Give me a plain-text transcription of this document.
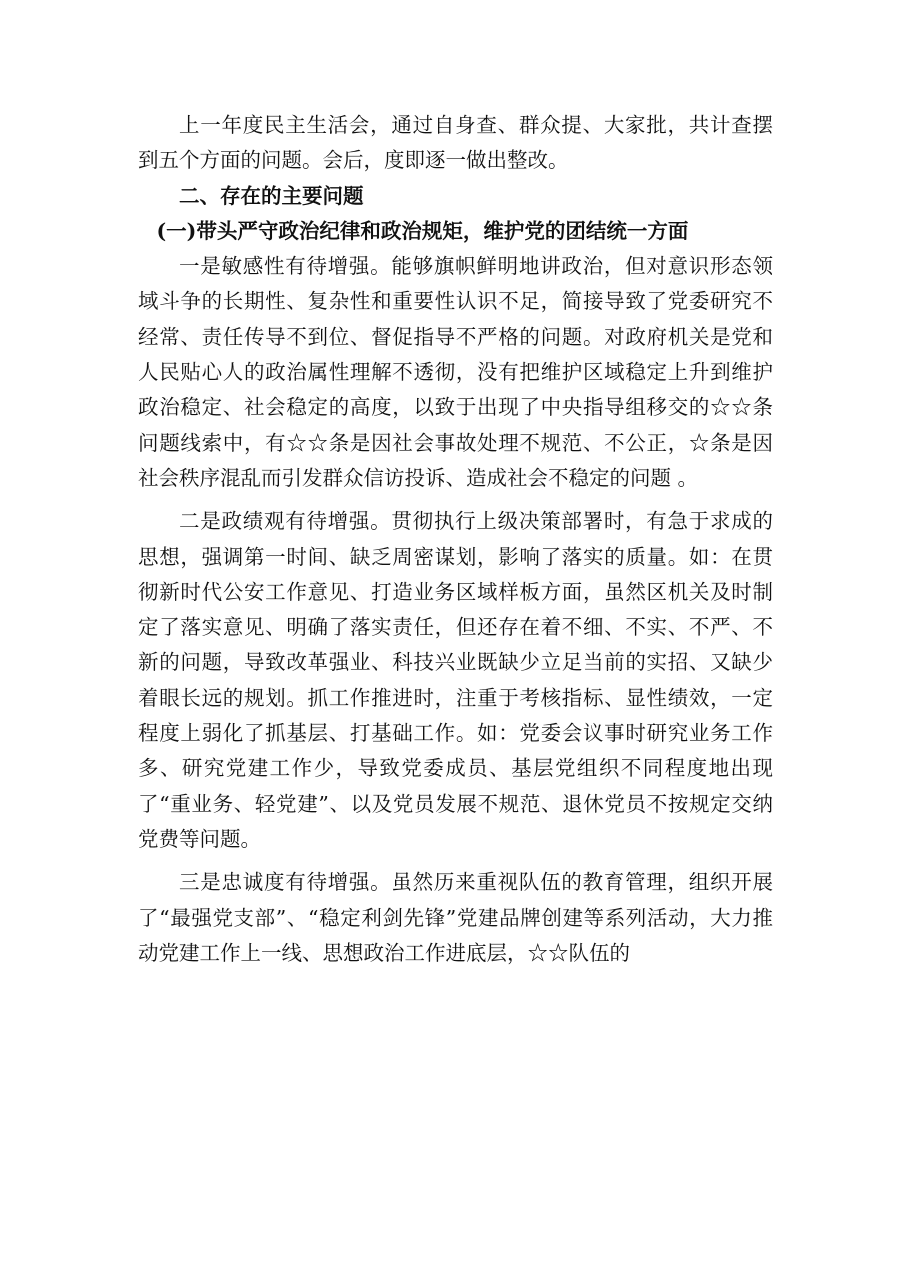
上一年度民主生活会，通过自身查、群众提、大家批，共计查摆到五个方面的问题。会后，度即逐一做出整改。

二、存在的主要问题

(一)带头严守政治纪律和政治规矩，维护党的团结统一方面

一是敏感性有待增强。能够旗帜鲜明地讲政治，但对意识形态领域斗争的长期性、复杂性和重要性认识不足，简接导致了党委研究不经常、责任传导不到位、督促指导不严格的问题。对政府机关是党和人民贴心人的政治属性理解不透彻，没有把维护区域稳定上升到维护政治稳定、社会稳定的高度，以致于出现了中央指导组移交的☆☆条问题线索中，有☆☆条是因社会事故处理不规范、不公正，☆条是因社会秩序混乱而引发群众信访投诉、造成社会不稳定的问题 。

二是政绩观有待增强。贯彻执行上级决策部署时，有急于求成的思想，强调第一时间、缺乏周密谋划，影响了落实的质量。如：在贯彻新时代公安工作意见、打造业务区域样板方面，虽然区机关及时制定了落实意见、明确了落实责任，但还存在着不细、不实、不严、不新的问题，导致改革强业、科技兴业既缺少立足当前的实招、又缺少着眼长远的规划。抓工作推进时，注重于考核指标、显性绩效，一定程度上弱化了抓基层、打基础工作。如：党委会议事时研究业务工作多、研究党建工作少，导致党委成员、基层党组织不同程度地出现了“重业务、轻党建”、以及党员发展不规范、退休党员不按规定交纳党费等问题。

三是忠诚度有待增强。虽然历来重视队伍的教育管理，组织开展了“最强党支部”、“稳定利剑先锋”党建品牌创建等系列活动，大力推动党建工作上一线、思想政治工作进底层，☆☆队伍的
